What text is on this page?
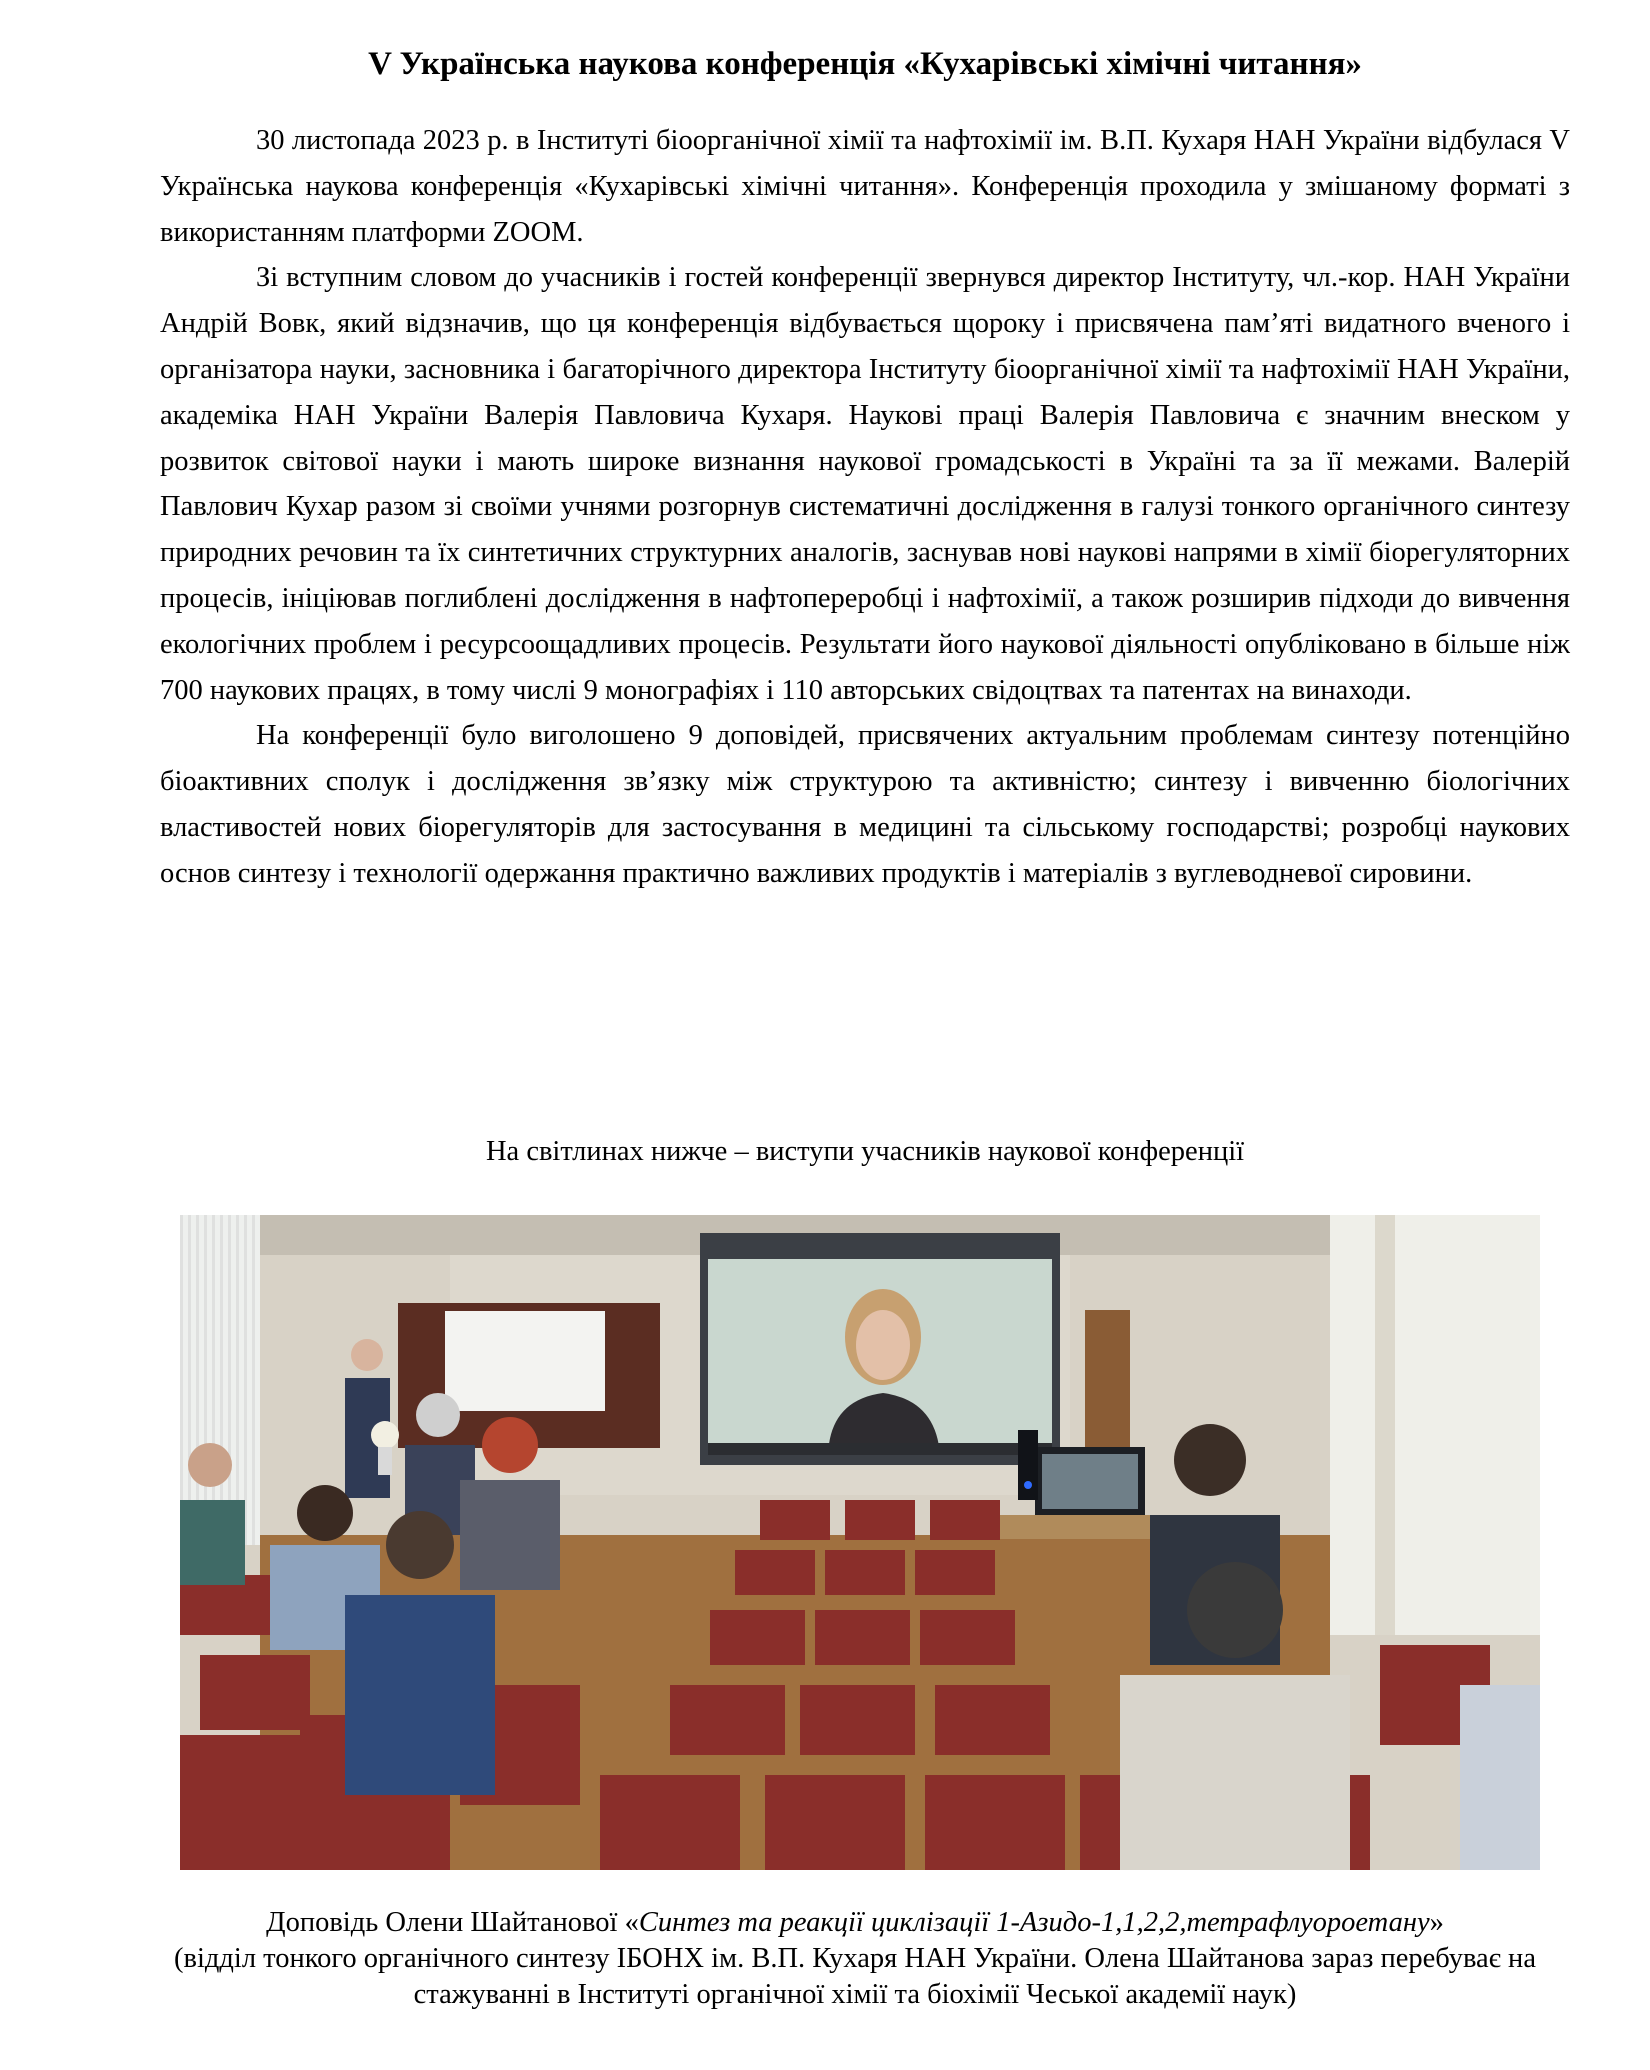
V Українська наукова конференція «Кухарівські хімічні читання»

30 листопада 2023 р. в Інституті біоорганічної хімії та нафтохімії ім. В.П. Кухаря НАН України відбулася V Українська наукова конференція «Кухарівські хімічні читання». Конференція проходила у змішаному форматі з використанням платформи ZOOM.

Зі вступним словом до учасників і гостей конференції звернувся директор Інституту, чл.-кор. НАН України Андрій Вовк, який відзначив, що ця конференція відбувається щороку і присвячена пам’яті видатного вченого і організатора науки, засновника і багаторічного директора Інституту біоорганічної хімії та нафтохімії НАН України, академіка НАН України Валерія Павловича Кухаря. Наукові праці Валерія Павловича є значним внеском у розвиток світової науки і мають широке визнання наукової громадськості в Україні та за її межами. Валерій Павлович Кухар разом зі своїми учнями розгорнув систематичні дослідження в галузі тонкого органічного синтезу природних речовин та їх синтетичних структурних аналогів, заснував нові наукові напрями в хімії біорегуляторних процесів, ініціював поглиблені дослідження в нафтопереробці і нафтохімії, а також розширив підходи до вивчення екологічних проблем і ресурсоощадливих процесів. Результати його наукової діяльності опубліковано в більше ніж 700 наукових працях, в тому числі 9 монографіях і 110 авторських свідоцтвах та патентах на винаходи.

На конференції було виголошено 9 доповідей, присвячених актуальним проблемам синтезу потенційно біоактивних сполук і дослідження зв’язку між структурою та активністю; синтезу і вивченню біологічних властивостей нових біорегуляторів для застосування в медицині та сільському господарстві; розробці наукових основ синтезу і технології одержання практично важливих продуктів і матеріалів з вуглеводневої сировини.

На світлинах нижче – виступи учасників наукової конференції
Доповідь Олени Шайтанової «Синтез та реакції циклізації 1-Азидо-1,1,2,2,тетрафлуороетану»
(відділ тонкого органічного синтезу ІБОНХ ім. В.П. Кухаря НАН України. Олена Шайтанова зараз перебуває на стажуванні в Інституті органічної хімії та біохімії Чеської академії наук)
